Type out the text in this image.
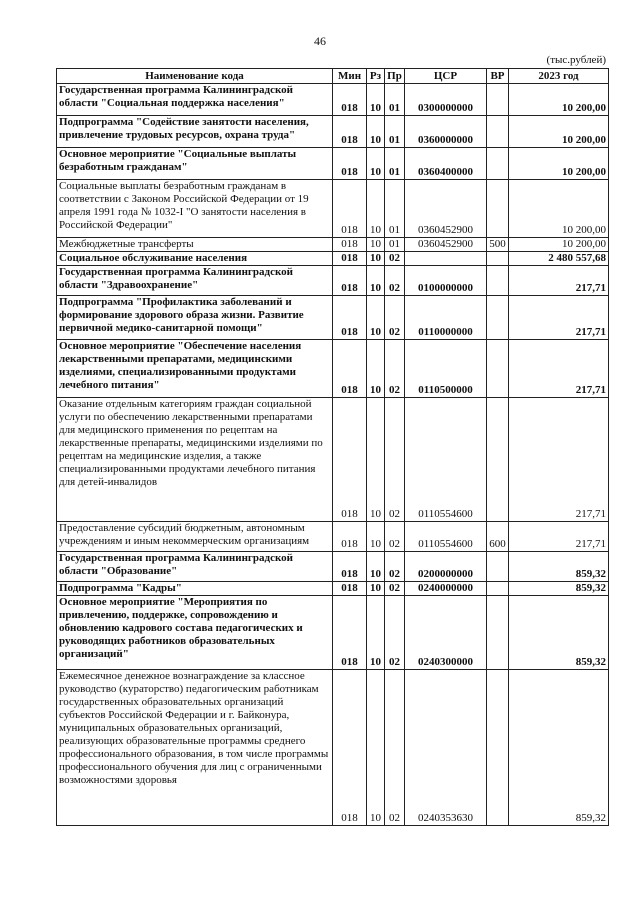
46
(тыс.рублей)
Наименование кода	Мин	Рз	Пр	ЦСР	ВР	2023 год
Государственная программа Калининградской области "Социальная поддержка населения"	018	10	01	0300000000		10 200,00
Подпрограмма "Содействие занятости населения, привлечение трудовых ресурсов, охрана труда"	018	10	01	0360000000		10 200,00
Основное мероприятие "Социальные выплаты безработным гражданам"	018	10	01	0360400000		10 200,00
Социальные выплаты безработным гражданам в соответствии с Законом Российской Федерации от 19 апреля 1991 года № 1032-I "О занятости населения в Российской Федерации"	018	10	01	0360452900		10 200,00
Межбюджетные трансферты	018	10	01	0360452900	500	10 200,00
Социальное обслуживание населения	018	10	02			2 480 557,68
Государственная программа Калининградской области "Здравоохранение"	018	10	02	0100000000		217,71
Подпрограмма "Профилактика заболеваний и формирование здорового образа жизни. Развитие первичной медико-санитарной помощи"	018	10	02	0110000000		217,71
Основное мероприятие "Обеспечение населения лекарственными препаратами, медицинскими изделиями, специализированными продуктами лечебного питания"	018	10	02	0110500000		217,71
Оказание отдельным категориям граждан социальной услуги по обеспечению лекарственными препаратами для медицинского применения по рецептам на лекарственные препараты, медицинскими изделиями по рецептам на медицинские изделия, а также специализированными продуктами лечебного питания для детей-инвалидов	018	10	02	0110554600		217,71
Предоставление субсидий бюджетным, автономным учреждениям и иным некоммерческим организациям	018	10	02	0110554600	600	217,71
Государственная программа Калининградской области "Образование"	018	10	02	0200000000		859,32
Подпрограмма "Кадры"	018	10	02	0240000000		859,32
Основное мероприятие "Мероприятия по привлечению, поддержке, сопровождению и обновлению кадрового состава педагогических и руководящих работников образовательных организаций"	018	10	02	0240300000		859,32
Ежемесячное денежное вознаграждение за классное руководство (кураторство) педагогическим работникам государственных образовательных организаций субъектов Российской Федерации и г. Байконура, муниципальных образовательных организаций, реализующих образовательные программы среднего профессионального образования, в том числе программы профессионального обучения для лиц с ограниченными возможностями здоровья	018	10	02	0240353630		859,32
